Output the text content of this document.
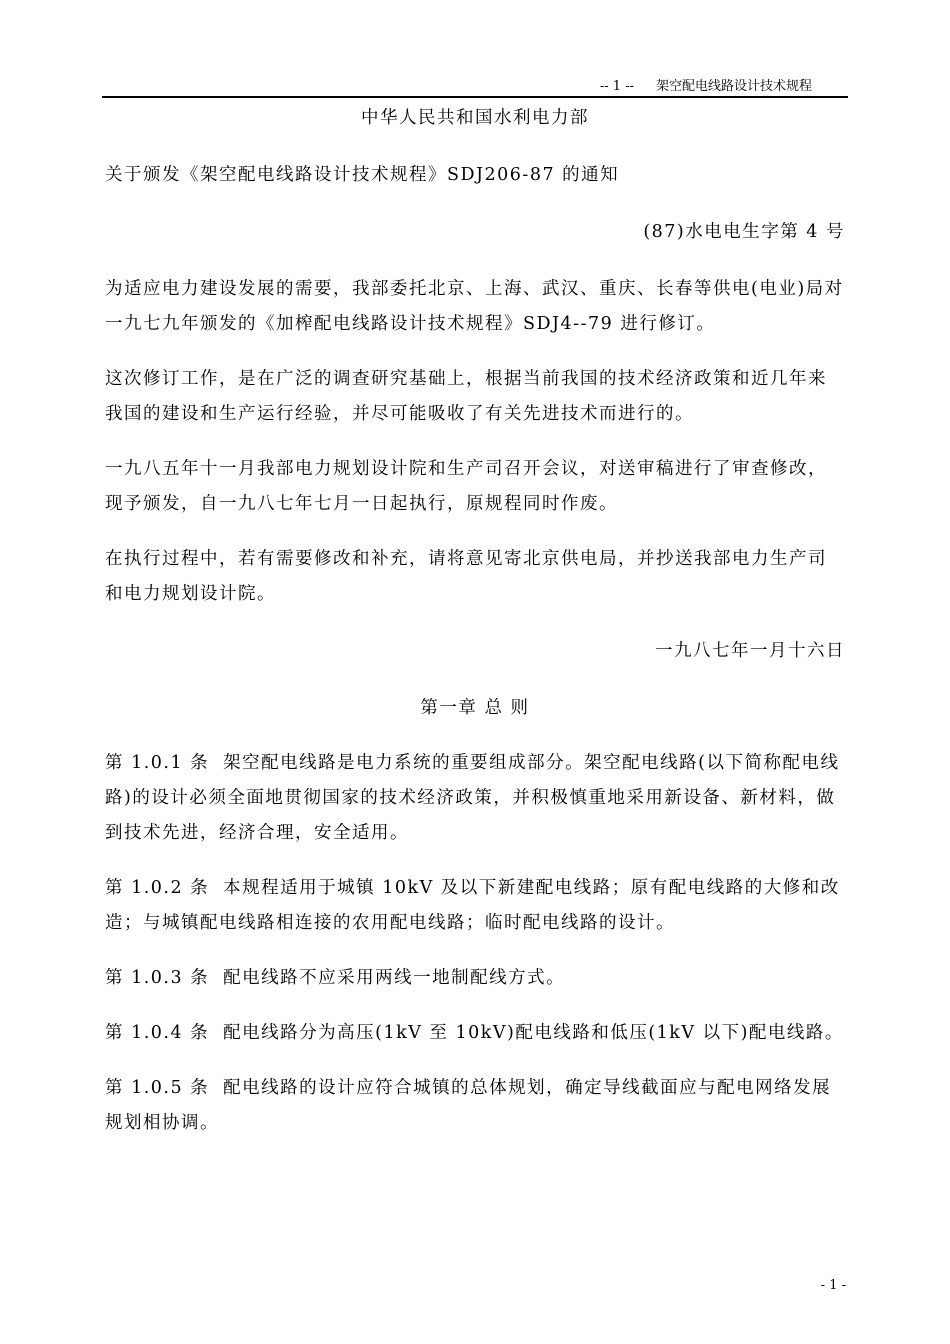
-- 1 -- 架空配电线路设计技术规程

中华人民共和国水利电力部

关于颁发《架空配电线路设计技术规程》SDJ206-87 的通知

(87)水电电生字第 4 号

为适应电力建设发展的需要，我部委托北京、上海、武汉、重庆、长春等供电(电业)局对一九七九年颁发的《加榨配电线路设计技术规程》SDJ4--79 进行修订。

这次修订工作，是在广泛的调查研究基础上，根据当前我国的技术经济政策和近几年来我国的建设和生产运行经验，并尽可能吸收了有关先进技术而进行的。

一九八五年十一月我部电力规划设计院和生产司召开会议，对送审稿进行了审查修改，现予颁发，自一九八七年七月一日起执行，原规程同时作废。

在执行过程中，若有需要修改和补充，请将意见寄北京供电局，并抄送我部电力生产司和电力规划设计院。

一九八七年一月十六日

第一章 总 则

第 1.0.1 条 架空配电线路是电力系统的重要组成部分。架空配电线路(以下简称配电线路)的设计必须全面地贯彻国家的技术经济政策，并积极慎重地采用新设备、新材料，做到技术先进，经济合理，安全适用。

第 1.0.2 条 本规程适用于城镇 10kV 及以下新建配电线路；原有配电线路的大修和改造；与城镇配电线路相连接的农用配电线路；临时配电线路的设计。

第 1.0.3 条 配电线路不应采用两线一地制配线方式。

第 1.0.4 条 配电线路分为高压(1kV 至 10kV)配电线路和低压(1kV 以下)配电线路。

第 1.0.5 条 配电线路的设计应符合城镇的总体规划，确定导线截面应与配电网络发展规划相协调。

- 1 -
